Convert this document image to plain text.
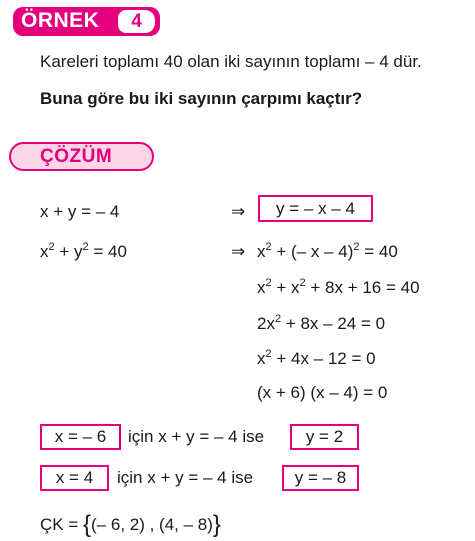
ÖRNEK	4
Kareleri toplamı 40 olan iki sayının toplamı – 4 dür.
Buna göre bu iki sayının çarpımı kaçtır?
ÇÖZÜM
x + y = – 4	⇒	y = – x – 4
$x^2 + y^2 = 40$	⇒ $x^2$ + (– x – 4)$^2$ = 40
$x^2 + x^2 + 8x + 16 = 40$
$2x^2 + 8x - 24 = 0$
$x^2 + 4x - 12 = 0$
(x + 6) (x – 4) = 0
x = – 6	için x + y = – 4 ise	y = 2
x = 4	için x + y = – 4 ise	y = – 8
ÇK = {(– 6, 2) , (4, – 8)}
